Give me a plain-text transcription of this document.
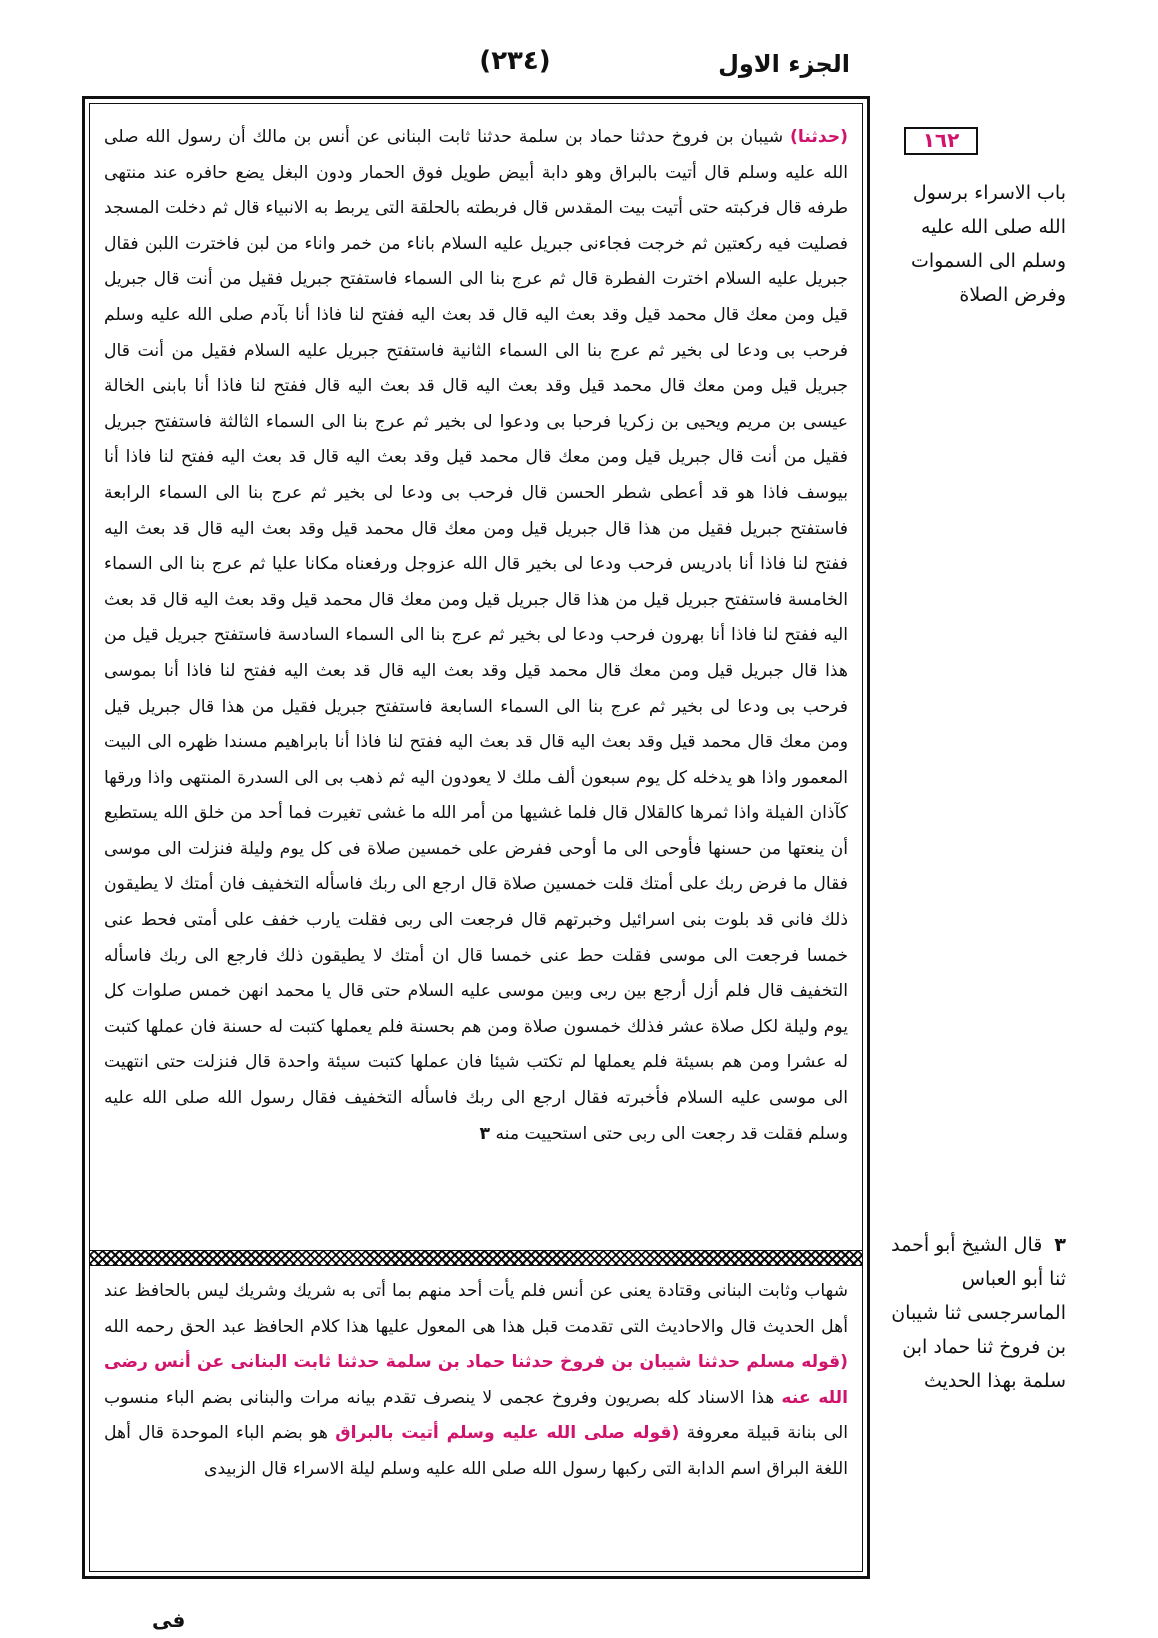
(٢٣٤)	الجزء الاول

(حدثنا) شيبان بن فروخ حدثنا حماد بن سلمة حدثنا ثابت البنانى عن أنس بن مالك أن رسول الله صلى الله عليه وسلم قال أتيت بالبراق وهو دابة أبيض طويل فوق الحمار ودون البغل يضع حافره عند منتهى طرفه قال فركبته حتى أتيت بيت المقدس قال فربطته بالحلقة التى يربط به الانبياء قال ثم دخلت المسجد فصليت فيه ركعتين ثم خرجت فجاءنى جبريل عليه السلام باناء من خمر واناء من لبن فاخترت اللبن فقال جبريل عليه السلام اخترت الفطرة قال ثم عرج بنا الى السماء فاستفتح جبريل فقيل من أنت قال جبريل قيل ومن معك قال محمد قيل وقد بعث اليه قال قد بعث اليه ففتح لنا فاذا أنا بآدم صلى الله عليه وسلم فرحب بى ودعا لى بخير ثم عرج بنا الى السماء الثانية فاستفتح جبريل عليه السلام فقيل من أنت قال جبريل قيل ومن معك قال محمد قيل وقد بعث اليه قال قد بعث اليه قال ففتح لنا فاذا أنا بابنى الخالة عيسى بن مريم ويحيى بن زكريا فرحبا بى ودعوا لى بخير ثم عرج بنا الى السماء الثالثة فاستفتح جبريل فقيل من أنت قال جبريل قيل ومن معك قال محمد قيل وقد بعث اليه قال قد بعث اليه ففتح لنا فاذا أنا بيوسف فاذا هو قد أعطى شطر الحسن قال فرحب بى ودعا لى بخير ثم عرج بنا الى السماء الرابعة فاستفتح جبريل فقيل من هذا قال جبريل قيل ومن معك قال محمد قيل وقد بعث اليه قال قد بعث اليه ففتح لنا فاذا أنا بادريس فرحب ودعا لى بخير قال الله عزوجل ورفعناه مكانا عليا ثم عرج بنا الى السماء الخامسة فاستفتح جبريل قيل من هذا قال جبريل قيل ومن معك قال محمد قيل وقد بعث اليه قال قد بعث اليه ففتح لنا فاذا أنا بهرون فرحب ودعا لى بخير ثم عرج بنا الى السماء السادسة فاستفتح جبريل قيل من هذا قال جبريل قيل ومن معك قال محمد قيل وقد بعث اليه قال قد بعث اليه ففتح لنا فاذا أنا بموسى فرحب بى ودعا لى بخير ثم عرج بنا الى السماء السابعة فاستفتح جبريل فقيل من هذا قال جبريل قيل ومن معك قال محمد قيل وقد بعث اليه قال قد بعث اليه ففتح لنا فاذا أنا بابراهيم مسندا ظهره الى البيت المعمور واذا هو يدخله كل يوم سبعون ألف ملك لا يعودون اليه ثم ذهب بى الى السدرة المنتهى واذا ورقها كآذان الفيلة واذا ثمرها كالقلال قال فلما غشيها من أمر الله ما غشى تغيرت فما أحد من خلق الله يستطيع أن ينعتها من حسنها فأوحى الى ما أوحى ففرض على خمسين صلاة فى كل يوم وليلة فنزلت الى موسى فقال ما فرض ربك على أمتك قلت خمسين صلاة قال ارجع الى ربك فاسأله التخفيف فان أمتك لا يطيقون ذلك فانى قد بلوت بنى اسرائيل وخبرتهم قال فرجعت الى ربى فقلت يارب خفف على أمتى فحط عنى خمسا فرجعت الى موسى فقلت حط عنى خمسا قال ان أمتك لا يطيقون ذلك فارجع الى ربك فاسأله التخفيف قال فلم أزل أرجع بين ربى وبين موسى عليه السلام حتى قال يا محمد انهن خمس صلوات كل يوم وليلة لكل صلاة عشر فذلك خمسون صلاة ومن هم بحسنة فلم يعملها كتبت له حسنة فان عملها كتبت له عشرا ومن هم بسيئة فلم يعملها لم تكتب شيئا فان عملها كتبت سيئة واحدة قال فنزلت حتى انتهيت الى موسى عليه السلام فأخبرته فقال ارجع الى ربك فاسأله التخفيف فقال رسول الله صلى الله عليه وسلم فقلت قد رجعت الى ربى حتى استحييت منه ٣

شهاب وثابت البنانى وقتادة يعنى عن أنس فلم يأت أحد منهم بما أتى به شريك وشريك ليس بالحافظ عند أهل الحديث قال والاحاديث التى تقدمت قبل هذا هى المعول عليها هذا كلام الحافظ عبد الحق رحمه الله (قوله مسلم حدثنا شيبان بن فروخ حدثنا حماد بن سلمة حدثنا ثابت البنانى عن أنس رضى الله عنه هذا الاسناد كله بصريون وفروخ عجمى لا ينصرف تقدم بيانه مرات والبنانى بضم الباء منسوب الى بنانة قبيلة معروفة (قوله صلى الله عليه وسلم أتيت بالبراق هو بضم الباء الموحدة قال أهل اللغة البراق اسم الدابة التى ركبها رسول الله صلى الله عليه وسلم ليلة الاسراء قال الزبيدى

١٦٢
باب الاسراء برسول الله صلى الله عليه وسلم الى السموات وفرض الصلاة
٣ قال الشيخ أبو أحمد ثنا أبو العباس الماسرجسى ثنا شيبان بن فروخ ثنا حماد ابن سلمة بهذا الحديث
فى
